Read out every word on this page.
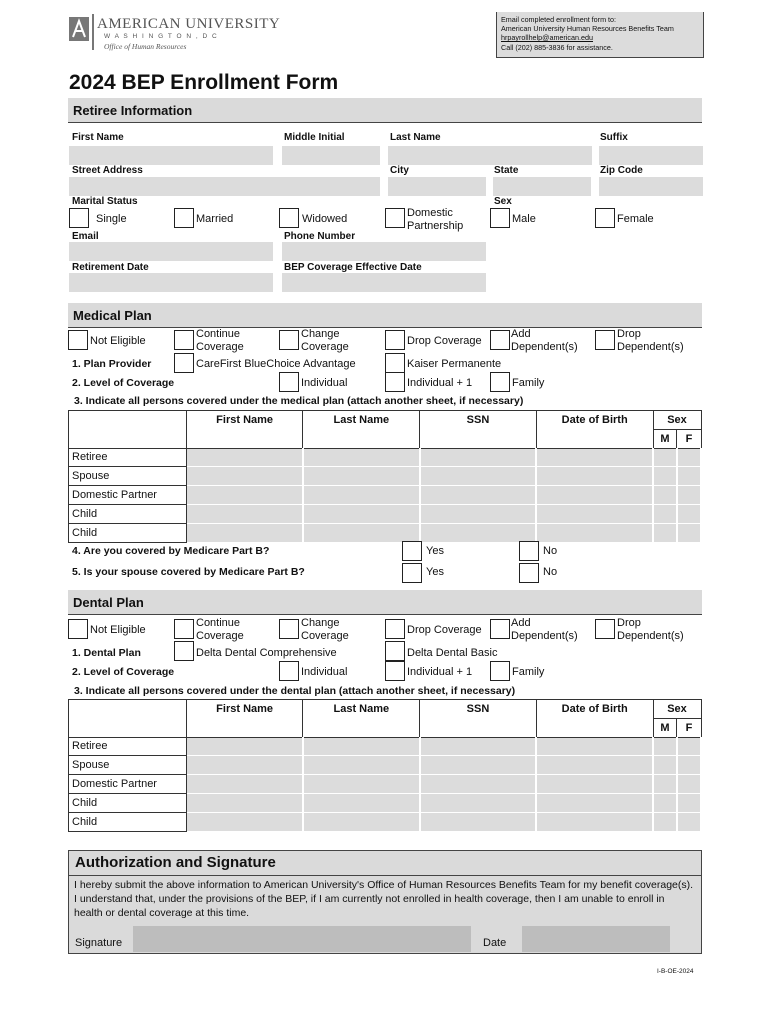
AMERICAN UNIVERSITY
W A S H I N G T O N , D C
Office of Human Resources
Email completed enrollment form to:
American University Human Resources Benefits Team
hrpayrollhelp@american.edu
Call (202) 885-3836 for assistance.
2024 BEP Enrollment Form
Retiree Information
First Name	Middle Initial	Last Name	Suffix
Street Address	City	State	Zip Code
Marital Status	Sex
Single	Married	Widowed	Domestic
Partnership
Male	Female
Email	Phone Number
Retirement Date	BEP Coverage Effective Date
Medical Plan
Not Eligible
Continue
Coverage
Change
Coverage	Drop Coverage
Add
Dependent(s)
Drop
Dependent(s)
1. Plan Provider	CareFirst BlueChoice Advantage	Kaiser Permanente
2. Level of Coverage	Individual	Individual + 1	Family
3. Indicate all persons covered under the medical plan (attach another sheet, if necessary)
	First Name	Last Name	SSN	Date of Birth	Sex	
					M	F
Retiree						
Spouse						
Domestic Partner						
Child						
Child						
4. Are you covered by Medicare Part B?	Yes	No
5. Is your spouse covered by Medicare Part B?	Yes	No
Dental Plan
Not Eligible
Continue
Coverage
Change
Coverage	Drop Coverage
Add
Dependent(s)
Drop
Dependent(s)
1. Dental Plan	Delta Dental Comprehensive	Delta Dental Basic
2. Level of Coverage	Individual	Individual + 1	Family
3. Indicate all persons covered under the dental plan (attach another sheet, if necessary)
	First Name	Last Name	SSN	Date of Birth	Sex	
					M	F
Retiree						
Spouse						
Domestic Partner						
Child						
Child						
Authorization and Signature
I hereby submit the above information to American University's Office of Human Resources Benefits Team for my benefit coverage(s). I understand that, under the provisions of the BEP, if I am currently not enrolled in health coverage, then I am unable to enroll in health or dental coverage at this time.
Signature	Date
I-B-OE-2024
